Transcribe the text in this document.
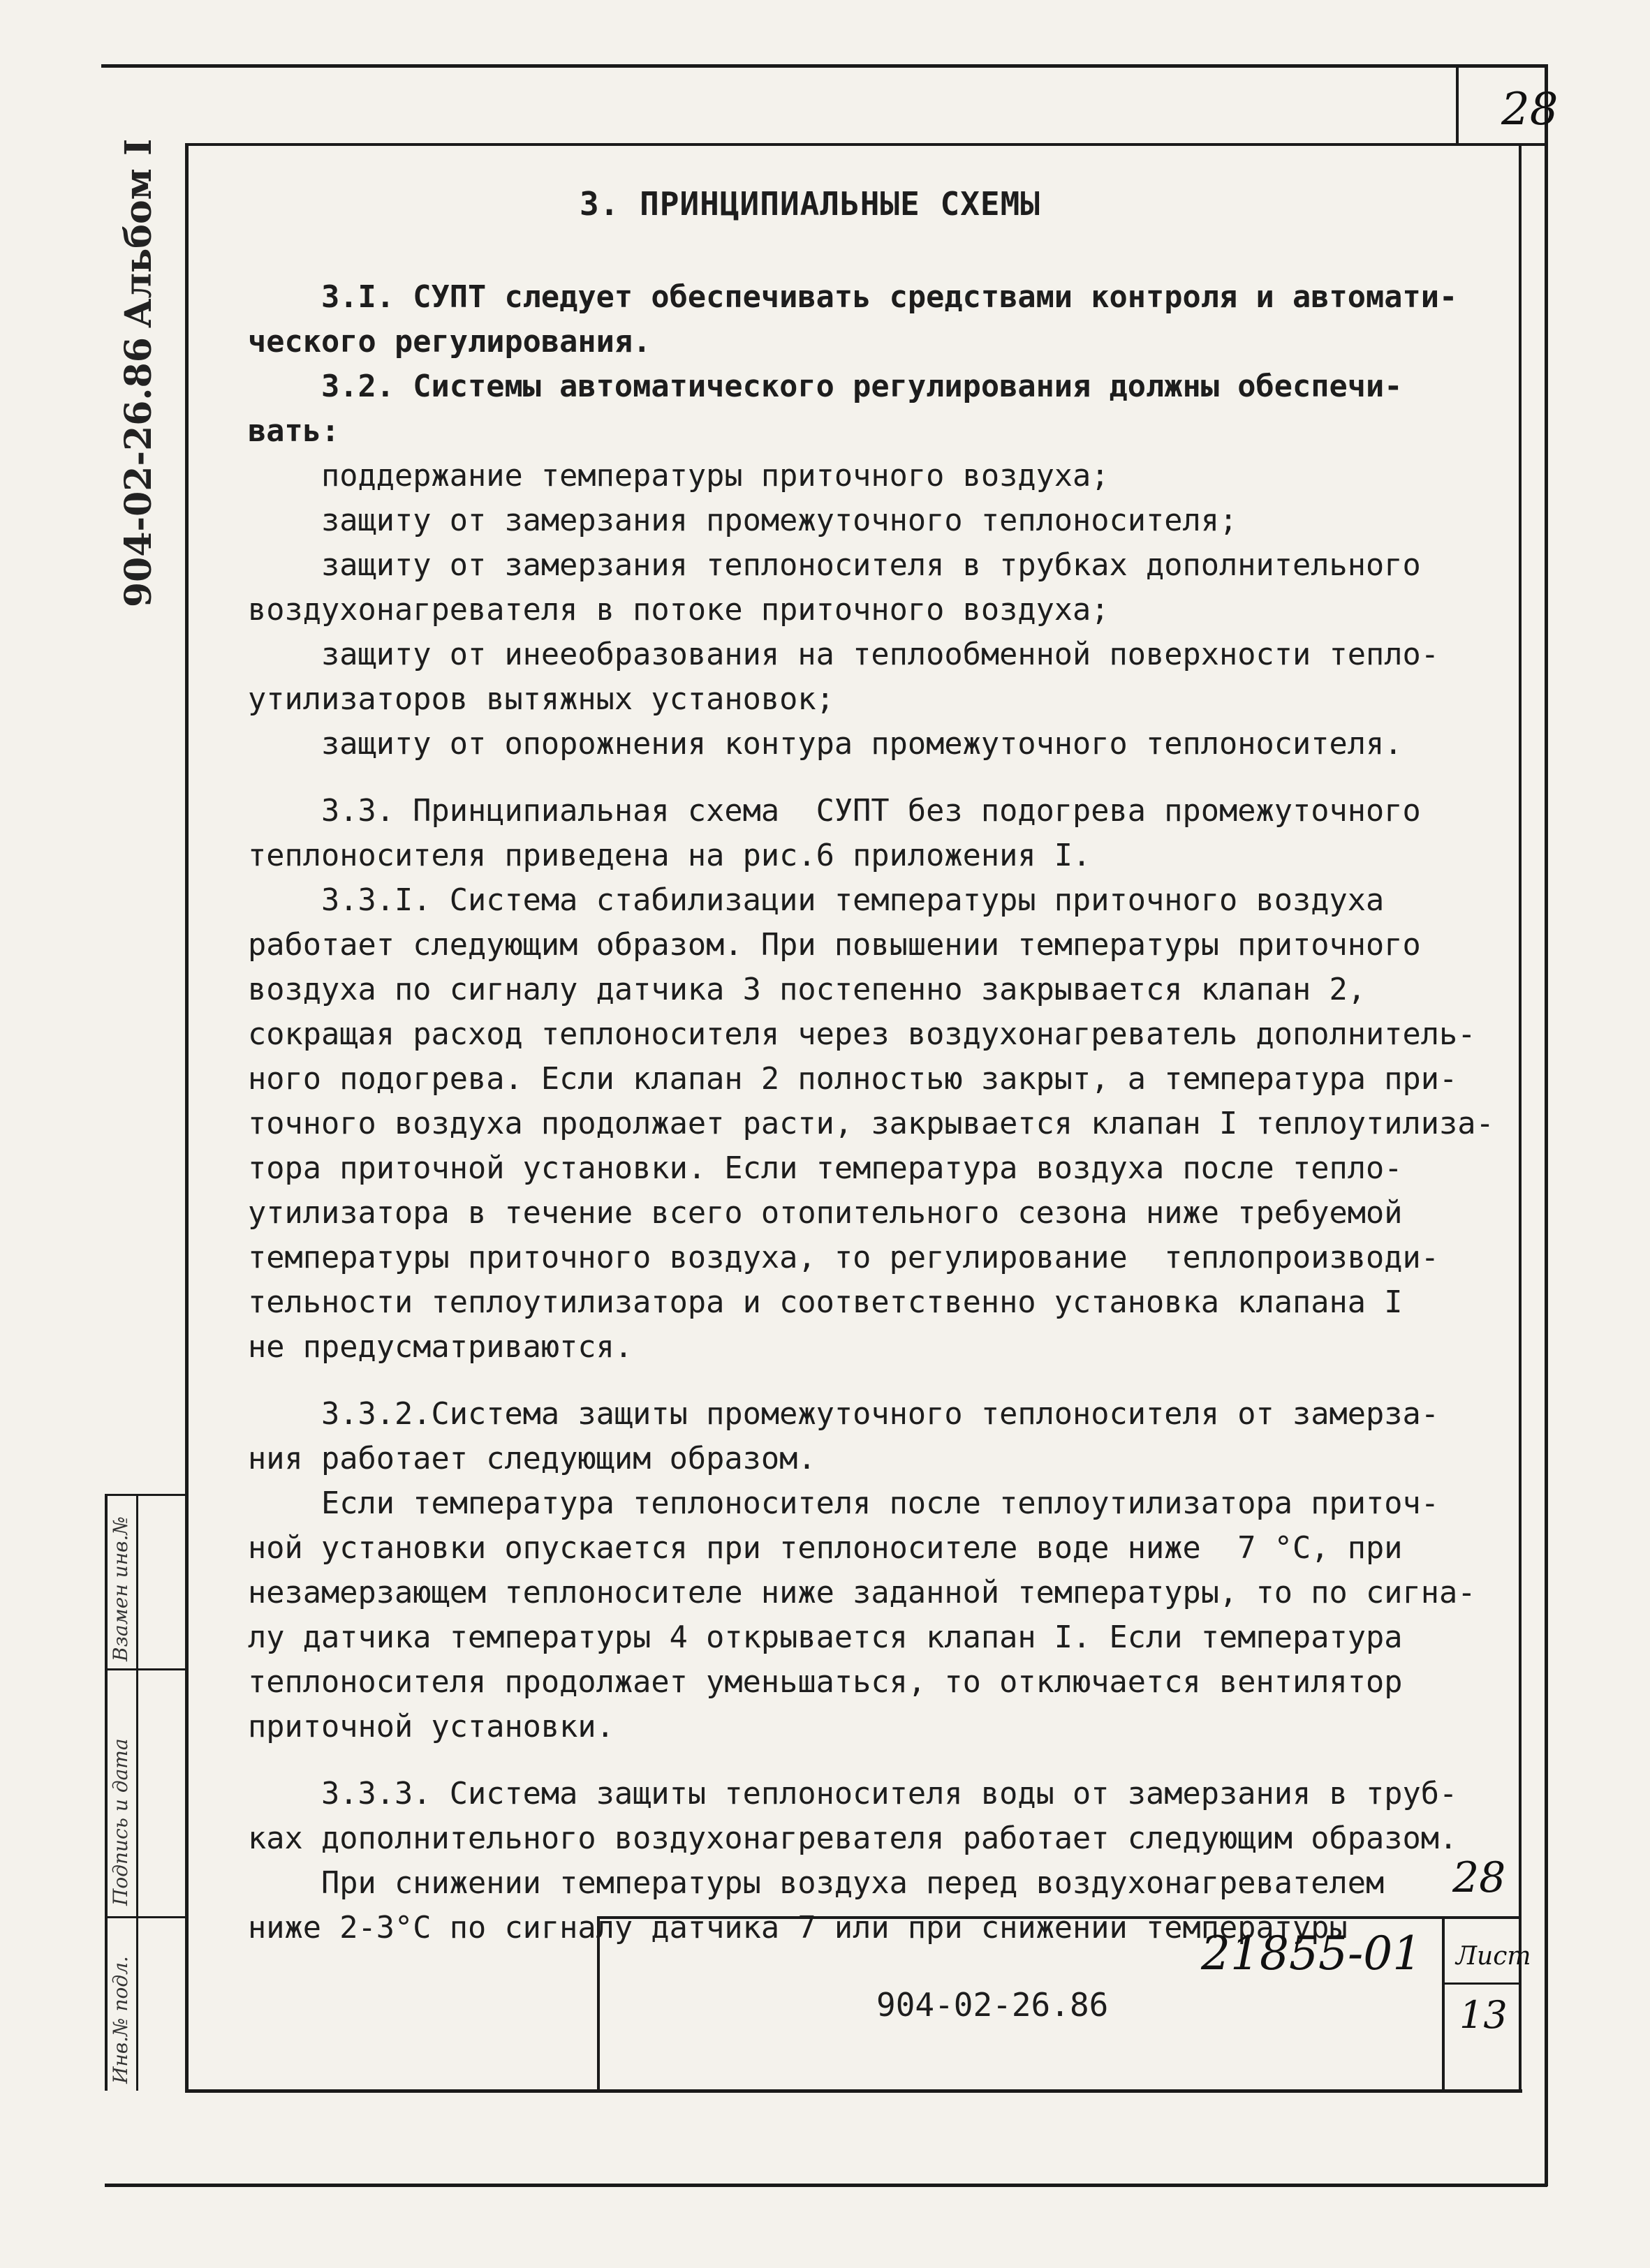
28
Альбом I
904-02-26.86
Взамен инв.№
Подпись и дата
Инв.№ подл.

3. ПРИНЦИПИАЛЬНЫЕ СХЕМЫ

3.I. СУПТ следует обеспечивать средствами контроля и автомати-

ческого регулирования.

3.2. Системы автоматического регулирования должны обеспечи-

вать:

поддержание температуры приточного воздуха;

защиту от замерзания промежуточного теплоносителя;

защиту от замерзания теплоносителя в трубках дополнительного

воздухонагревателя в потоке приточного воздуха;

защиту от инееобразования на теплообменной поверхности тепло-

утилизаторов вытяжных установок;

защиту от опорожнения контура промежуточного теплоносителя.

3.3. Принципиальная схема  СУПТ без подогрева промежуточного

теплоносителя приведена на рис.6 приложения I.

3.3.I. Система стабилизации температуры приточного воздуха

работает следующим образом. При повышении температуры приточного

воздуха по сигналу датчика 3 постепенно закрывается клапан 2,

сокращая расход теплоносителя через воздухонагреватель дополнитель-

ного подогрева. Если клапан 2 полностью закрыт, а температура при-

точного воздуха продолжает расти, закрывается клапан I теплоутилиза-

тора приточной установки. Если температура воздуха после тепло-

утилизатора в течение всего отопительного сезона ниже требуемой

температуры приточного воздуха, то регулирование  теплопроизводи-

тельности теплоутилизатора и соответственно установка клапана I

не предусматриваются.

3.3.2.Система защиты промежуточного теплоносителя от замерза-

ния работает следующим образом.

Если температура теплоносителя после теплоутилизатора приточ-

ной установки опускается при теплоносителе воде ниже  7 °С, при

незамерзающем теплоносителе ниже заданной температуры, то по сигна-

лу датчика температуры 4 открывается клапан I. Если температура

теплоносителя продолжает уменьшаться, то отключается вентилятор

приточной установки.

3.3.3. Система защиты теплоносителя воды от замерзания в труб-

ках дополнительного воздухонагревателя работает следующим образом.

При снижении температуры воздуха перед воздухонагревателем

ниже 2-3°С по сигналу датчика 7 или при снижении температуры

28
21855-01
904-02-26.86
Лист
13
